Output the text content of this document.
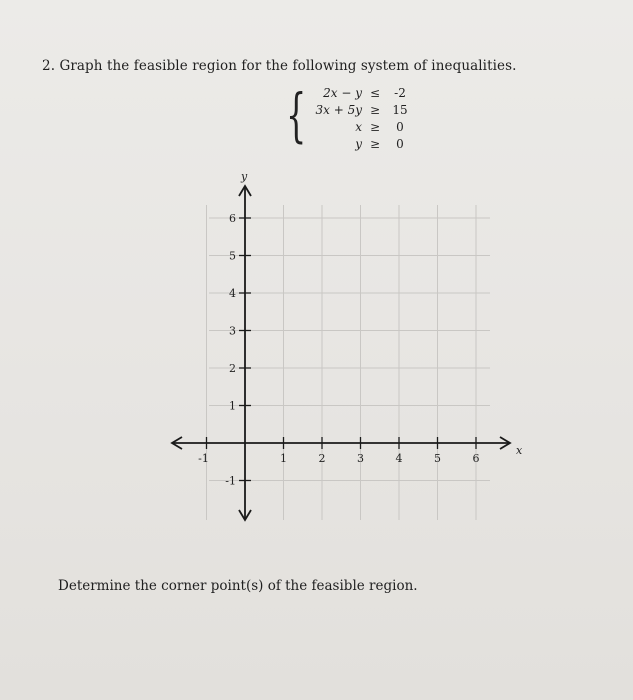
2. Graph the feasible region for the following system of inequalities.
{	2x − y ≤	-2
3x + 5y ≥	15
x ≥	0
y ≥	0
x
y
-1	1	2	3	4	5	6
6
5
4
3
2
1
-1
Determine the corner point(s) of the feasible region.
